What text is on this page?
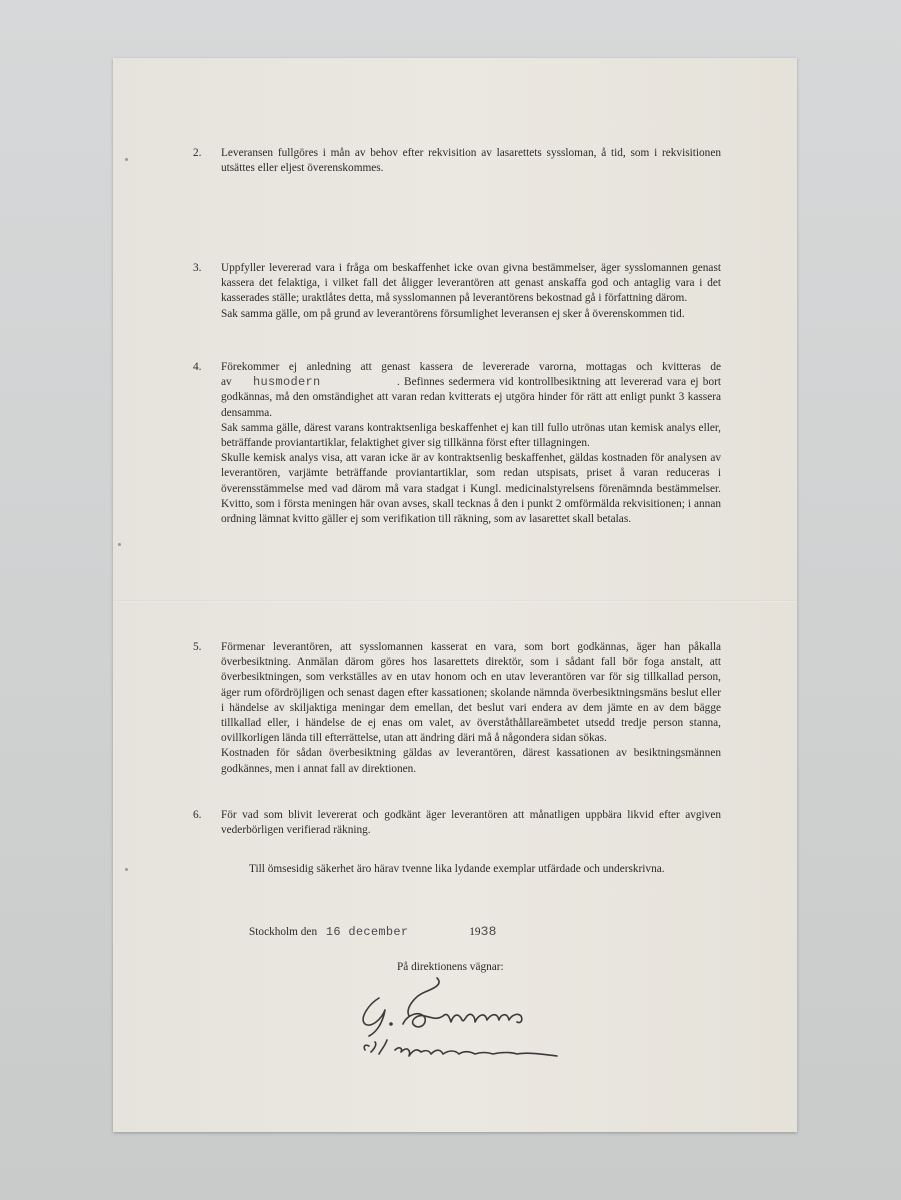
2. Leveransen fullgöres i mån av behov efter rekvisition av lasarettets syssloman, å tid, som i rekvisitionen utsättes eller eljest överenskommes.

3. Uppfyller levererad vara i fråga om beskaffenhet icke ovan givna bestämmelser, äger sysslomannen genast kassera det felaktiga, i vilket fall det åligger leverantören att genast anskaffa god och antaglig vara i det kasserades ställe; uraktlåtes detta, må sysslomannen på leverantörens bekostnad gå i författning därom.

Sak samma gälle, om på grund av leverantörens försumlighet leveransen ej sker å överenskommen tid.

4. Förekommer ej anledning att genast kassera de levererade varorna, mottagas och kvitteras de av husmodern	. Befinnes sedermera vid kontrollbesiktning att levererad vara ej bort godkännas, må den omständighet att varan redan kvitterats ej utgöra hinder för rätt att enligt punkt 3 kassera densamma.

Sak samma gälle, därest varans kontraktsenliga beskaffenhet ej kan till fullo utrönas utan kemisk analys eller, beträffande proviantartiklar, felaktighet giver sig tillkänna först efter tillagningen.

Skulle kemisk analys visa, att varan icke är av kontraktsenlig beskaffenhet, gäldas kostnaden för analysen av leverantören, varjämte beträffande proviantartiklar, som redan utspisats, priset å varan reduceras i överensstämmelse med vad därom må vara stadgat i Kungl. medicinalstyrelsens förenämnda bestämmelser. Kvitto, som i första meningen här ovan avses, skall tecknas å den i punkt 2 omförmälda rekvisitionen; i annan ordning lämnat kvitto gäller ej som verifikation till räkning, som av lasarettet skall betalas.

5. Förmenar leverantören, att sysslomannen kasserat en vara, som bort godkännas, äger han påkalla överbesiktning. Anmälan därom göres hos lasarettets direktör, som i sådant fall bör foga anstalt, att överbesiktningen, som verkställes av en utav honom och en utav leverantören var för sig tillkallad person, äger rum ofördröjligen och senast dagen efter kassationen; skolande nämnda överbesiktningsmäns beslut eller i händelse av skiljaktiga meningar dem emellan, det beslut vari endera av dem jämte en av dem bägge tillkallad eller, i händelse de ej enas om valet, av överståthållareämbetet utsedd tredje person stanna, ovillkorligen lända till efterrättelse, utan att ändring däri må å någondera sidan sökas.

Kostnaden för sådan överbesiktning gäldas av leverantören, därest kassationen av besiktningsmännen godkännes, men i annat fall av direktionen.

6. För vad som blivit levererat och godkänt äger leverantören att månatligen uppbära likvid efter avgiven vederbörligen verifierad räkning.

Till ömsesidig säkerhet äro härav tvenne lika lydande exemplar utfärdade och underskrivna.
Stockholm den 16 december	1938
På direktionens vägnar:
